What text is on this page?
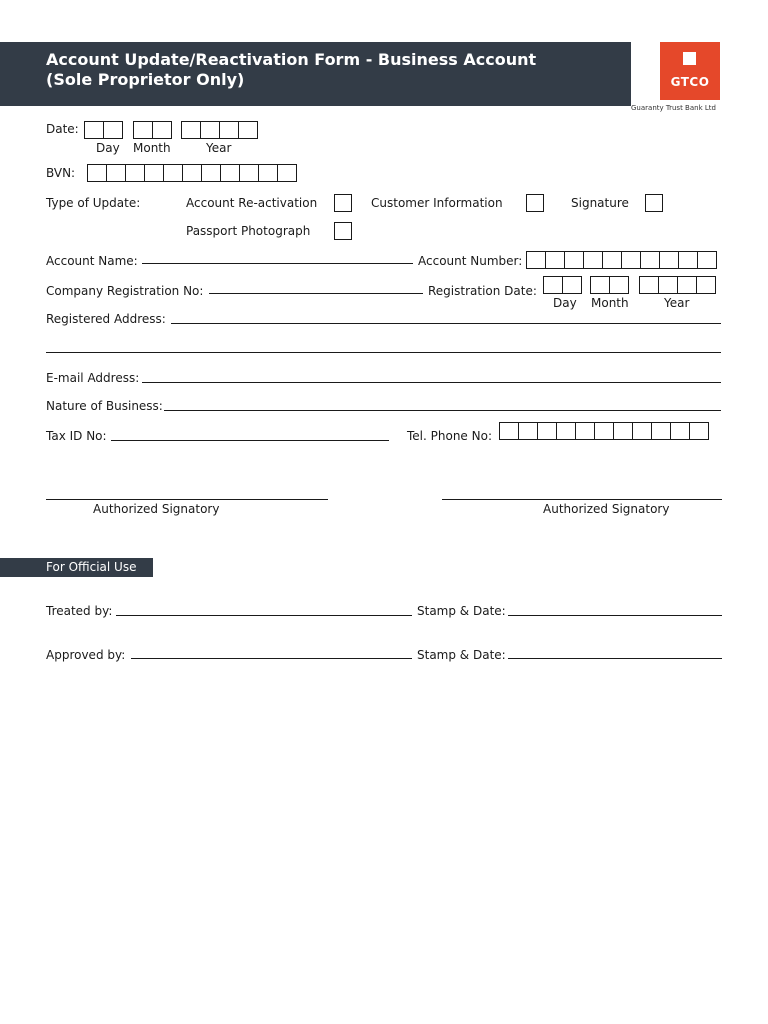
Account Update/Reactivation Form - Business Account
(Sole Proprietor Only)	GTCO
Guaranty Trust Bank Ltd
Date:
Day Month	Year
BVN:
Type of Update:	Account Re-activation	Customer Information	Signature
Passport Photograph
Account Name:	Account Number:
Company Registration No:	Registration Date:
Day Month	Year
Registered Address:
E-mail Address:
Nature of Business:
Tax ID No:	Tel. Phone No:
Authorized Signatory	Authorized Signatory
For Official Use
Treated by:	Stamp & Date:
Approved by:	Stamp & Date:
